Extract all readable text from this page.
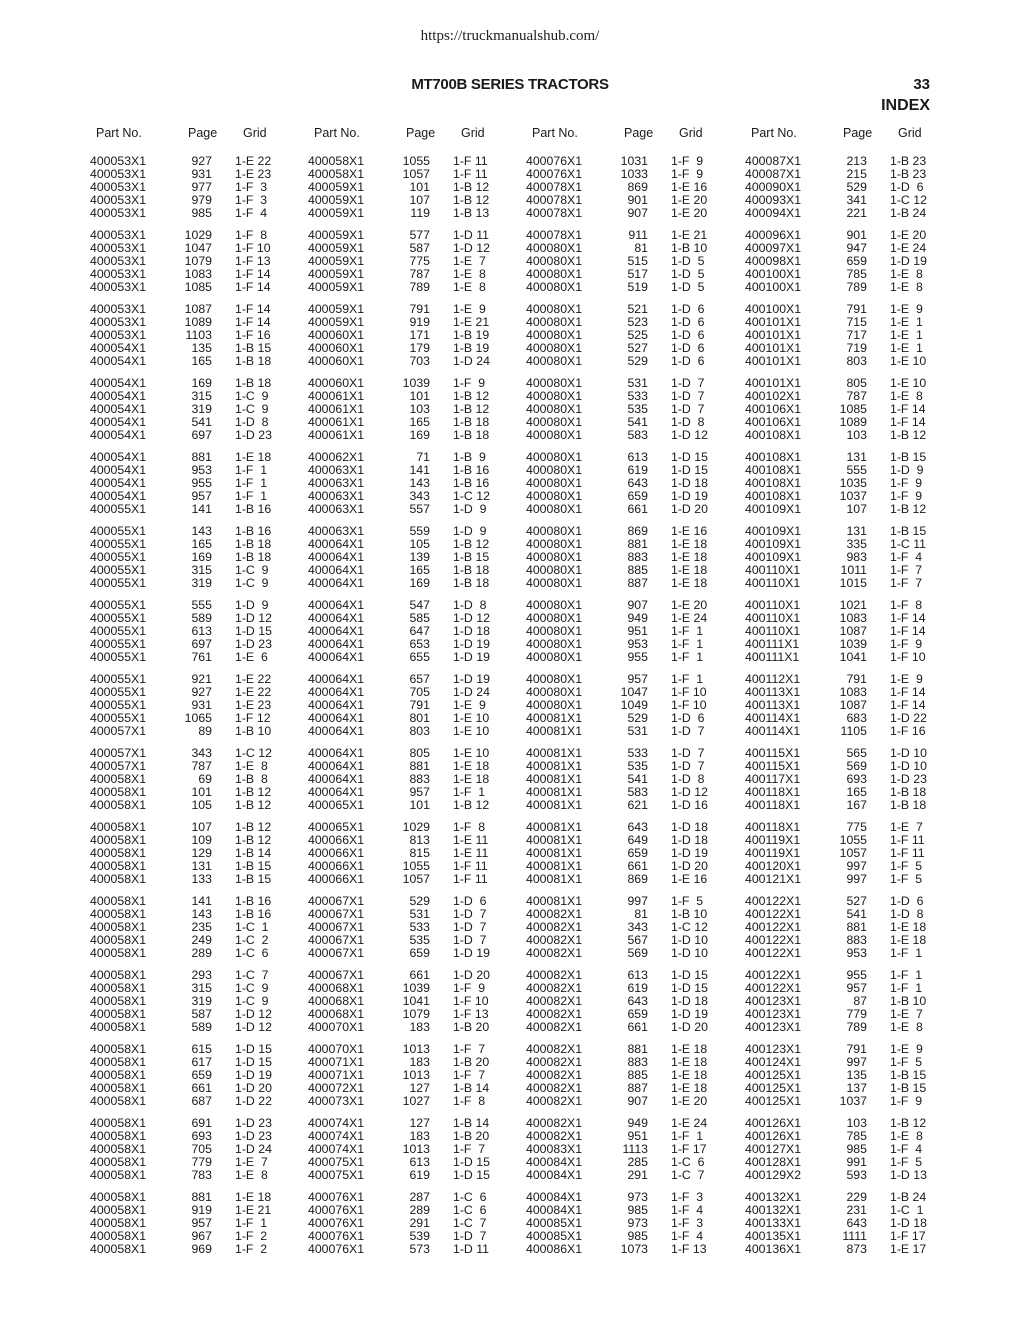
https://truckmanualshub.com/
MT700B SERIES TRACTORS	33
INDEX
Part No.	Page Grid
400053X1	927 1-E 22
400053X1	931 1-E 23
400053X1	977 1-F  3
400053X1	979 1-F  3
400053X1	985 1-F  4
400053X1	1029 1-F  8
400053X1	1047 1-F 10
400053X1	1079 1-F 13
400053X1	1083 1-F 14
400053X1	1085 1-F 14
400053X1	1087 1-F 14
400053X1	1089 1-F 14
400053X1	1103 1-F 16
400054X1	135 1-B 15
400054X1	165 1-B 18
400054X1	169 1-B 18
400054X1	315 1-C  9
400054X1	319 1-C  9
400054X1	541 1-D  8
400054X1	697 1-D 23
400054X1	881 1-E 18
400054X1	953 1-F  1
400054X1	955 1-F  1
400054X1	957 1-F  1
400055X1	141 1-B 16
400055X1	143 1-B 16
400055X1	165 1-B 18
400055X1	169 1-B 18
400055X1	315 1-C  9
400055X1	319 1-C  9
400055X1	555 1-D  9
400055X1	589 1-D 12
400055X1	613 1-D 15
400055X1	697 1-D 23
400055X1	761 1-E  6
400055X1	921 1-E 22
400055X1	927 1-E 22
400055X1	931 1-E 23
400055X1	1065 1-F 12
400057X1	89 1-B 10
400057X1	343 1-C 12
400057X1	787 1-E  8
400058X1	69 1-B  8
400058X1	101 1-B 12
400058X1	105 1-B 12
400058X1	107 1-B 12
400058X1	109 1-B 12
400058X1	129 1-B 14
400058X1	131 1-B 15
400058X1	133 1-B 15
400058X1	141 1-B 16
400058X1	143 1-B 16
400058X1	235 1-C  1
400058X1	249 1-C  2
400058X1	289 1-C  6
400058X1	293 1-C  7
400058X1	315 1-C  9
400058X1	319 1-C  9
400058X1	587 1-D 12
400058X1	589 1-D 12
400058X1	615 1-D 15
400058X1	617 1-D 15
400058X1	659 1-D 19
400058X1	661 1-D 20
400058X1	687 1-D 22
400058X1	691 1-D 23
400058X1	693 1-D 23
400058X1	705 1-D 24
400058X1	779 1-E  7
400058X1	783 1-E  8
400058X1	881 1-E 18
400058X1	919 1-E 21
400058X1	957 1-F  1
400058X1	967 1-F  2
400058X1	969 1-F  2
Part No.	Page Grid
400058X1	1055 1-F 11
400058X1	1057 1-F 11
400059X1	101 1-B 12
400059X1	107 1-B 12
400059X1	119 1-B 13
400059X1	577 1-D 11
400059X1	587 1-D 12
400059X1	775 1-E  7
400059X1	787 1-E  8
400059X1	789 1-E  8
400059X1	791 1-E  9
400059X1	919 1-E 21
400060X1	171 1-B 19
400060X1	179 1-B 19
400060X1	703 1-D 24
400060X1	1039 1-F  9
400061X1	101 1-B 12
400061X1	103 1-B 12
400061X1	165 1-B 18
400061X1	169 1-B 18
400062X1	71 1-B  9
400063X1	141 1-B 16
400063X1	143 1-B 16
400063X1	343 1-C 12
400063X1	557 1-D  9
400063X1	559 1-D  9
400064X1	105 1-B 12
400064X1	139 1-B 15
400064X1	165 1-B 18
400064X1	169 1-B 18
400064X1	547 1-D  8
400064X1	585 1-D 12
400064X1	647 1-D 18
400064X1	653 1-D 19
400064X1	655 1-D 19
400064X1	657 1-D 19
400064X1	705 1-D 24
400064X1	791 1-E  9
400064X1	801 1-E 10
400064X1	803 1-E 10
400064X1	805 1-E 10
400064X1	881 1-E 18
400064X1	883 1-E 18
400064X1	957 1-F  1
400065X1	101 1-B 12
400065X1	1029 1-F  8
400066X1	813 1-E 11
400066X1	815 1-E 11
400066X1	1055 1-F 11
400066X1	1057 1-F 11
400067X1	529 1-D  6
400067X1	531 1-D  7
400067X1	533 1-D  7
400067X1	535 1-D  7
400067X1	659 1-D 19
400067X1	661 1-D 20
400068X1	1039 1-F  9
400068X1	1041 1-F 10
400068X1	1079 1-F 13
400070X1	183 1-B 20
400070X1	1013 1-F  7
400071X1	183 1-B 20
400071X1	1013 1-F  7
400072X1	127 1-B 14
400073X1	1027 1-F  8
400074X1	127 1-B 14
400074X1	183 1-B 20
400074X1	1013 1-F  7
400075X1	613 1-D 15
400075X1	619 1-D 15
400076X1	287 1-C  6
400076X1	289 1-C  6
400076X1	291 1-C  7
400076X1	539 1-D  7
400076X1	573 1-D 11
Part No.	Page Grid
400076X1	1031 1-F  9
400076X1	1033 1-F  9
400078X1	869 1-E 16
400078X1	901 1-E 20
400078X1	907 1-E 20
400078X1	911 1-E 21
400080X1	81 1-B 10
400080X1	515 1-D  5
400080X1	517 1-D  5
400080X1	519 1-D  5
400080X1	521 1-D  6
400080X1	523 1-D  6
400080X1	525 1-D  6
400080X1	527 1-D  6
400080X1	529 1-D  6
400080X1	531 1-D  7
400080X1	533 1-D  7
400080X1	535 1-D  7
400080X1	541 1-D  8
400080X1	583 1-D 12
400080X1	613 1-D 15
400080X1	619 1-D 15
400080X1	643 1-D 18
400080X1	659 1-D 19
400080X1	661 1-D 20
400080X1	869 1-E 16
400080X1	881 1-E 18
400080X1	883 1-E 18
400080X1	885 1-E 18
400080X1	887 1-E 18
400080X1	907 1-E 20
400080X1	949 1-E 24
400080X1	951 1-F  1
400080X1	953 1-F  1
400080X1	955 1-F  1
400080X1	957 1-F  1
400080X1	1047 1-F 10
400080X1	1049 1-F 10
400081X1	529 1-D  6
400081X1	531 1-D  7
400081X1	533 1-D  7
400081X1	535 1-D  7
400081X1	541 1-D  8
400081X1	583 1-D 12
400081X1	621 1-D 16
400081X1	643 1-D 18
400081X1	649 1-D 18
400081X1	659 1-D 19
400081X1	661 1-D 20
400081X1	869 1-E 16
400081X1	997 1-F  5
400082X1	81 1-B 10
400082X1	343 1-C 12
400082X1	567 1-D 10
400082X1	569 1-D 10
400082X1	613 1-D 15
400082X1	619 1-D 15
400082X1	643 1-D 18
400082X1	659 1-D 19
400082X1	661 1-D 20
400082X1	881 1-E 18
400082X1	883 1-E 18
400082X1	885 1-E 18
400082X1	887 1-E 18
400082X1	907 1-E 20
400082X1	949 1-E 24
400082X1	951 1-F  1
400083X1	1113 1-F 17
400084X1	285 1-C  6
400084X1	291 1-C  7
400084X1	973 1-F  3
400084X1	985 1-F  4
400085X1	973 1-F  3
400085X1	985 1-F  4
400086X1	1073 1-F 13
Part No.	Page Grid
400087X1	213 1-B 23
400087X1	215 1-B 23
400090X1	529 1-D  6
400093X1	341 1-C 12
400094X1	221 1-B 24
400096X1	901 1-E 20
400097X1	947 1-E 24
400098X1	659 1-D 19
400100X1	785 1-E  8
400100X1	789 1-E  8
400100X1	791 1-E  9
400101X1	715 1-E  1
400101X1	717 1-E  1
400101X1	719 1-E  1
400101X1	803 1-E 10
400101X1	805 1-E 10
400102X1	787 1-E  8
400106X1	1085 1-F 14
400106X1	1089 1-F 14
400108X1	103 1-B 12
400108X1	131 1-B 15
400108X1	555 1-D  9
400108X1	1035 1-F  9
400108X1	1037 1-F  9
400109X1	107 1-B 12
400109X1	131 1-B 15
400109X1	335 1-C 11
400109X1	983 1-F  4
400110X1	1011 1-F  7
400110X1	1015 1-F  7
400110X1	1021 1-F  8
400110X1	1083 1-F 14
400110X1	1087 1-F 14
400111X1	1039 1-F  9
400111X1	1041 1-F 10
400112X1	791 1-E  9
400113X1	1083 1-F 14
400113X1	1087 1-F 14
400114X1	683 1-D 22
400114X1	1105 1-F 16
400115X1	565 1-D 10
400115X1	569 1-D 10
400117X1	693 1-D 23
400118X1	165 1-B 18
400118X1	167 1-B 18
400118X1	775 1-E  7
400119X1	1055 1-F 11
400119X1	1057 1-F 11
400120X1	997 1-F  5
400121X1	997 1-F  5
400122X1	527 1-D  6
400122X1	541 1-D  8
400122X1	881 1-E 18
400122X1	883 1-E 18
400122X1	953 1-F  1
400122X1	955 1-F  1
400122X1	957 1-F  1
400123X1	87 1-B 10
400123X1	779 1-E  7
400123X1	789 1-E  8
400123X1	791 1-E  9
400124X1	997 1-F  5
400125X1	135 1-B 15
400125X1	137 1-B 15
400125X1	1037 1-F  9
400126X1	103 1-B 12
400126X1	785 1-E  8
400127X1	985 1-F  4
400128X1	991 1-F  5
400129X2	593 1-D 13
400132X1	229 1-B 24
400132X1	231 1-C  1
400133X1	643 1-D 18
400135X1	1111 1-F 17
400136X1	873 1-E 17
